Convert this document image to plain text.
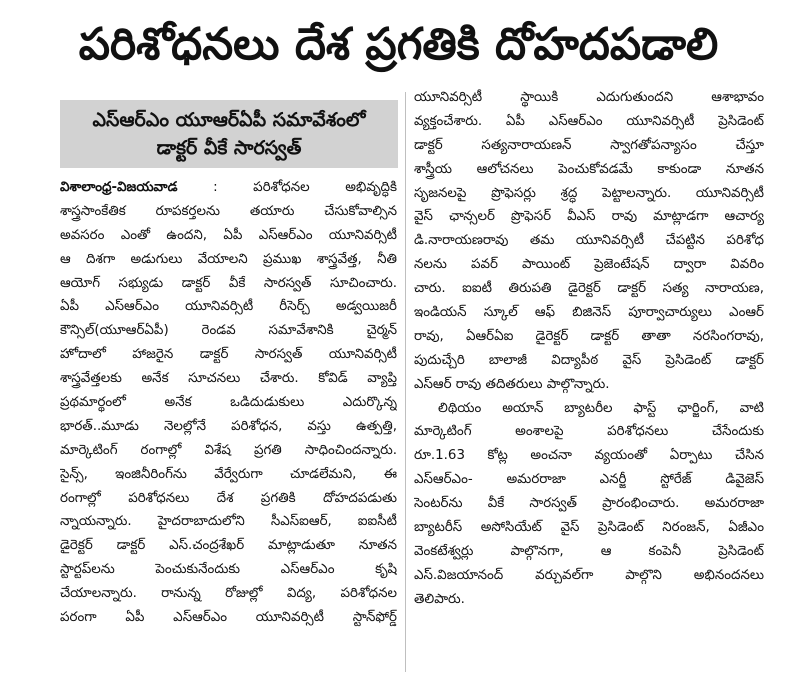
పరిశోధనలు దేశ ప్రగతికి దోహదపడాలి
ఎస్ఆర్ఎం యూఆర్ఏపీ సమావేశంలో
డాక్టర్ వీకే సారస్వత్
విశాలాంధ్ర-విజయవాడ	: పరిశోధనల అభివృద్ధికి
శాస్త్రసాంకేతిక రూపకర్తలను తయారు చేసుకోవాల్సిన
అవసరం ఎంతో ఉందని, ఏపీ ఎస్ఆర్ఎం యూనివర్సిటీ
ఆ దిశగా అడుగులు వేయాలని ప్రముఖ శాస్త్రవేత్త, నీతి
ఆయోగ్ సభ్యుడు డాక్టర్ వీకే సారస్వత్ సూచించారు.
ఏపీ ఎస్ఆర్ఎం యూనివర్సిటీ రీసెర్చ్ అడ్వయిజరీ
కౌన్సిల్(యూఆర్ఏపీ) రెండవ సమావేశానికి చైర్మన్
హోదాలో హాజరైన డాక్టర్ సారస్వత్ యూనివర్సిటీ
శాస్త్రవేత్తలకు అనేక సూచనలు చేశారు. కోవిడ్ వ్యాప్తి
ప్రథమార్థంలో అనేక ఒడిదుడుకులు ఎదుర్కొన్న
భారత్..మూడు నెలల్లోనే పరిశోధన, వస్తు ఉత్పత్తి,
మార్కెటింగ్ రంగాల్లో విశేష ప్రగతి సాధించిందన్నారు.
సైన్స్, ఇంజినీరింగ్‌ను వేర్వేరుగా చూడలేమని, ఈ
రంగాల్లో పరిశోధనలు దేశ ప్రగతికి దోహదపడుతు
న్నాయన్నారు. హైదరాబాదులోని సీఎస్ఐఆర్, ఐఐసీటీ
డైరెక్టర్ డాక్టర్ ఎస్.చంద్రశేఖర్ మాట్లాడుతూ నూతన
స్టార్టప్‌లను పెంచుకునేందుకు ఎస్ఆర్ఎం కృషి
చేయాలన్నారు. రానున్న రోజుల్లో విద్య, పరిశోధనల
పరంగా ఏపీ ఎస్ఆర్ఎం యూనివర్సిటీ స్టాన్‌ఫోర్డ్
యూనివర్సిటీ స్థాయికి ఎదుగుతుందని ఆశాభావం
వ్యక్తంచేశారు. ఏపీ ఎస్ఆర్ఎం యూనివర్సిటీ ప్రెసిడెంట్
డాక్టర్ సత్యనారాయణన్ స్వాగతోపన్యాసం చేస్తూ
శాస్త్రీయ ఆలోచనలు పెంచుకోవడమే కాకుండా నూతన
సృజనలపై ప్రొఫెసర్లు శ్రద్ధ పెట్టాలన్నారు. యూనివర్సిటీ
వైస్ ఛాన్సలర్ ప్రొఫెసర్ వీఎస్ రావు మాట్లాడగా ఆచార్య
డి.నారాయణరావు తమ యూనివర్సిటీ చేపట్టిన పరిశోధ
నలను పవర్ పాయింట్ ప్రెజెంటేషన్ ద్వారా వివరిం
చారు. ఐఐటీ తిరుపతి డైరెక్టర్ డాక్టర్ సత్య నారాయణ,
ఇండియన్ స్కూల్ ఆఫ్ బిజినెస్ పూర్వాచార్యులు ఎంఆర్
రావు, ఏఆర్ఏఐ డైరెక్టర్ డాక్టర్ తాతా నరసింగరావు,
పుదుచ్చేరి బాలాజీ విద్యాపీఠ వైస్ ప్రెసిడెంట్ డాక్టర్
ఎస్ఆర్ రావు తదితరులు పాల్గొన్నారు.
లిథియం అయాన్ బ్యాటరీల ఫాస్ట్ ఛార్జింగ్, వాటి
మార్కెటింగ్ అంశాలపై పరిశోధనలు చేసేందుకు
రూ.1.63 కోట్ల అంచనా వ్యయంతో ఏర్పాటు చేసిన
ఎస్ఆర్ఎం- అమరరాజా ఎనర్జీ స్టోరేజ్ డివైజెస్
సెంటర్‌ను వీకే సారస్వత్ ప్రారంభించారు. అమరరాజా
బ్యాటరీస్ అసోసియేట్ వైస్ ప్రెసిడెంట్ నిరంజన్, ఏజీఎం
వెంకటేశ్వర్లు పాల్గొనగా, ఆ కంపెనీ ప్రెసిడెంట్
ఎస్.విజయానంద్ వర్చువల్‌గా పాల్గొని అభినందనలు
తెలిపారు.
